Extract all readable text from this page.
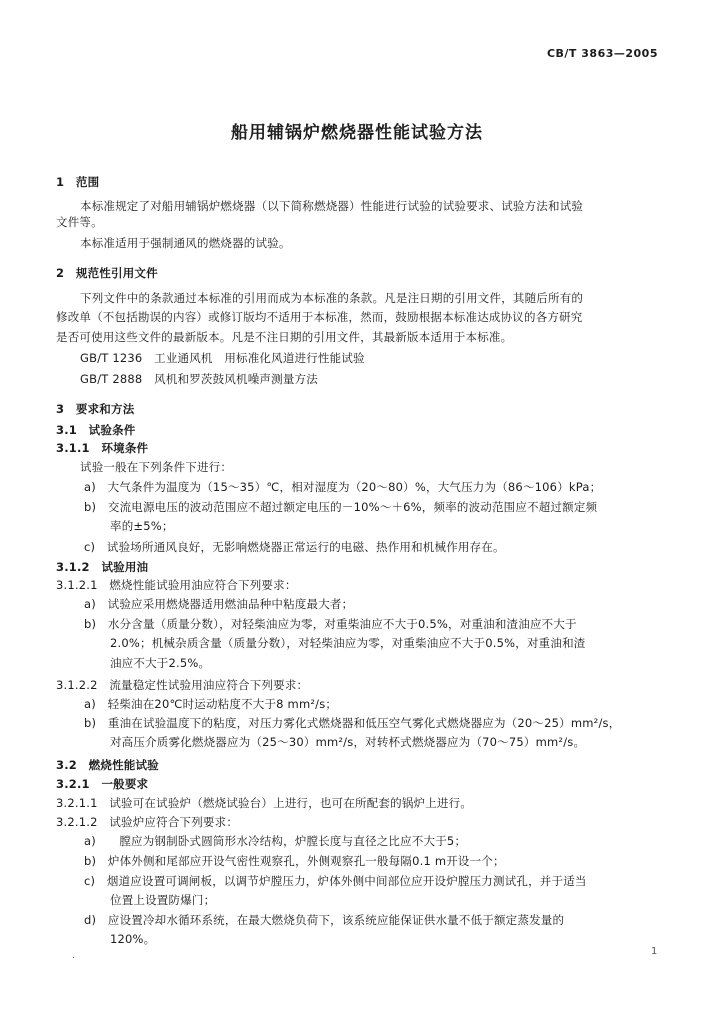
CB/T 3863—2005
船用辅锅炉燃烧器性能试验方法
1　范围
本标准规定了对船用辅锅炉燃烧器（以下简称燃烧器）性能进行试验的试验要求、试验方法和试验
文件等。
本标准适用于强制通风的燃烧器的试验。
2　规范性引用文件
下列文件中的条款通过本标准的引用而成为本标准的条款。凡是注日期的引用文件，其随后所有的
修改单（不包括勘误的内容）或修订版均不适用于本标准，然而，鼓励根据本标准达成协议的各方研究
是否可使用这些文件的最新版本。凡是不注日期的引用文件，其最新版本适用于本标准。
GB/T 1236　工业通风机　用标准化风道进行性能试验
GB/T 2888　风机和罗茨鼓风机噪声测量方法
3　要求和方法
3.1　试验条件
3.1.1　环境条件
试验一般在下列条件下进行：
a)　大气条件为温度为（15～35）℃，相对湿度为（20～80）%，大气压力为（86～106）kPa；
b)　交流电源电压的波动范围应不超过额定电压的－10%～＋6%，频率的波动范围应不超过额定频
率的±5%；
c)　试验场所通风良好，无影响燃烧器正常运行的电磁、热作用和机械作用存在。
3.1.2　试验用油
3.1.2.1　燃烧性能试验用油应符合下列要求：
a)　试验应采用燃烧器适用燃油品种中粘度最大者；
b)　水分含量（质量分数），对轻柴油应为零，对重柴油应不大于0.5%，对重油和渣油应不大于
2.0%；机械杂质含量（质量分数），对轻柴油应为零，对重柴油应不大于0.5%，对重油和渣
油应不大于2.5%。
3.1.2.2　流量稳定性试验用油应符合下列要求：
a)　轻柴油在20℃时运动粘度不大于8 mm²/s；
b)　重油在试验温度下的粘度，对压力雾化式燃烧器和低压空气雾化式燃烧器应为（20～25）mm²/s，
对高压介质雾化燃烧器应为（25～30）mm²/s，对转杯式燃烧器应为（70～75）mm²/s。
3.2　燃烧性能试验
3.2.1　一般要求
3.2.1.1　试验可在试验炉（燃烧试验台）上进行，也可在所配套的锅炉上进行。
3.2.1.2　试验炉应符合下列要求：
a)　　膛应为钢制卧式圆筒形水冷结构，炉膛长度与直径之比应不大于5；
b)　炉体外侧和尾部应开设气密性观察孔，外侧观察孔一般每隔0.1 m开设一个；
c)　烟道应设置可调闸板，以调节炉膛压力，炉体外侧中间部位应开设炉膛压力测试孔，并于适当
位置上设置防爆门；
d)　应设置冷却水循环系统，在最大燃烧负荷下，该系统应能保证供水量不低于额定蒸发量的
120%。
.	1
